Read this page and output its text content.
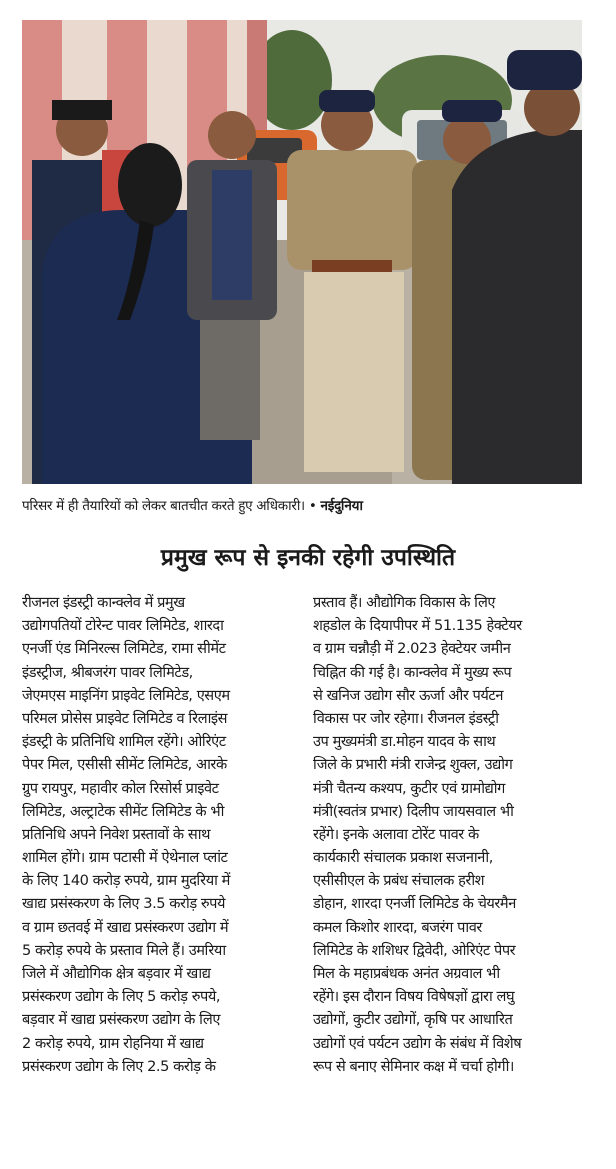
परिसर में ही तैयारियों को लेकर बातचीत करते हुए अधिकारी। • नईदुनिया
प्रमुख रूप से इनकी रहेगी उपस्थिति
रीजनल इंडस्ट्री कान्क्लेव में प्रमुख
उद्योगपतियों टोरेन्ट पावर लिमिटेड, शारदा
एनर्जी एंड मिनिरल्स लिमिटेड, रामा सीमेंट
इंडस्ट्रीज, श्रीबजरंग पावर लिमिटेड,
जेएमएस माइनिंग प्राइवेट लिमिटेड, एसएम
परिमल प्रोसेस प्राइवेट लिमिटेड व रिलाइंस
इंडस्ट्री के प्रतिनिधि शामिल रहेंगे। ओरिएंट
पेपर मिल, एसीसी सीमेंट लिमिटेड, आरके
ग्रुप रायपुर, महावीर कोल रिसोर्स प्राइवेट
लिमिटेड, अल्ट्राटेक सीमेंट लिमिटेड के भी
प्रतिनिधि अपने निवेश प्रस्तावों के साथ
शामिल होंगे। ग्राम पटासी में ऐथेनाल प्लांट
के लिए 140 करोड़ रुपये, ग्राम मुदरिया में
खाद्य प्रसंस्करण के लिए 3.5 करोड़ रुपये
व ग्राम छतवई में खाद्य प्रसंस्करण उद्योग में
5 करोड़ रुपये के प्रस्ताव मिले हैं। उमरिया
जिले में औद्योगिक क्षेत्र बड़वार में खाद्य
प्रसंस्करण उद्योग के लिए 5 करोड़ रुपये,
बड़वार में खाद्य प्रसंस्करण उद्योग के लिए
2 करोड़ रुपये, ग्राम रोहनिया में खाद्य
प्रसंस्करण उद्योग के लिए 2.5 करोड़ के
प्रस्ताव हैं। औद्योगिक विकास के लिए
शहडोल के दियापीपर में 51.135 हेक्टेयर
व ग्राम चन्नौड़ी में 2.023 हेक्टेयर जमीन
चिह्नित की गई है। कान्क्लेव में मुख्य रूप
से खनिज उद्योग सौर ऊर्जा और पर्यटन
विकास पर जोर रहेगा। रीजनल इंडस्ट्री
उप मुख्यमंत्री डा.मोहन यादव के साथ
जिले के प्रभारी मंत्री राजेन्द्र शुक्ल, उद्योग
मंत्री चैतन्य कश्यप, कुटीर एवं ग्रामोद्योग
मंत्री(स्वतंत्र प्रभार) दिलीप जायसवाल भी
रहेंगे। इनके अलावा टोरेंट पावर के
कार्यकारी संचालक प्रकाश सजनानी,
एसीसीएल के प्रबंध संचालक हरीश
डोहान, शारदा एनर्जी लिमिटेड के चेयरमैन
कमल किशोर शारदा, बजरंग पावर
लिमिटेड के शशिधर द्विवेदी, ओरिएंट पेपर
मिल के महाप्रबंधक अनंत अग्रवाल भी
रहेंगे। इस दौरान विषय विषेषज्ञों द्वारा लघु
उद्योगों, कुटीर उद्योगों, कृषि पर आधारित
उद्योगों एवं पर्यटन उद्योग के संबंध में विशेष
रूप से बनाए सेमिनार कक्ष में चर्चा होगी।
